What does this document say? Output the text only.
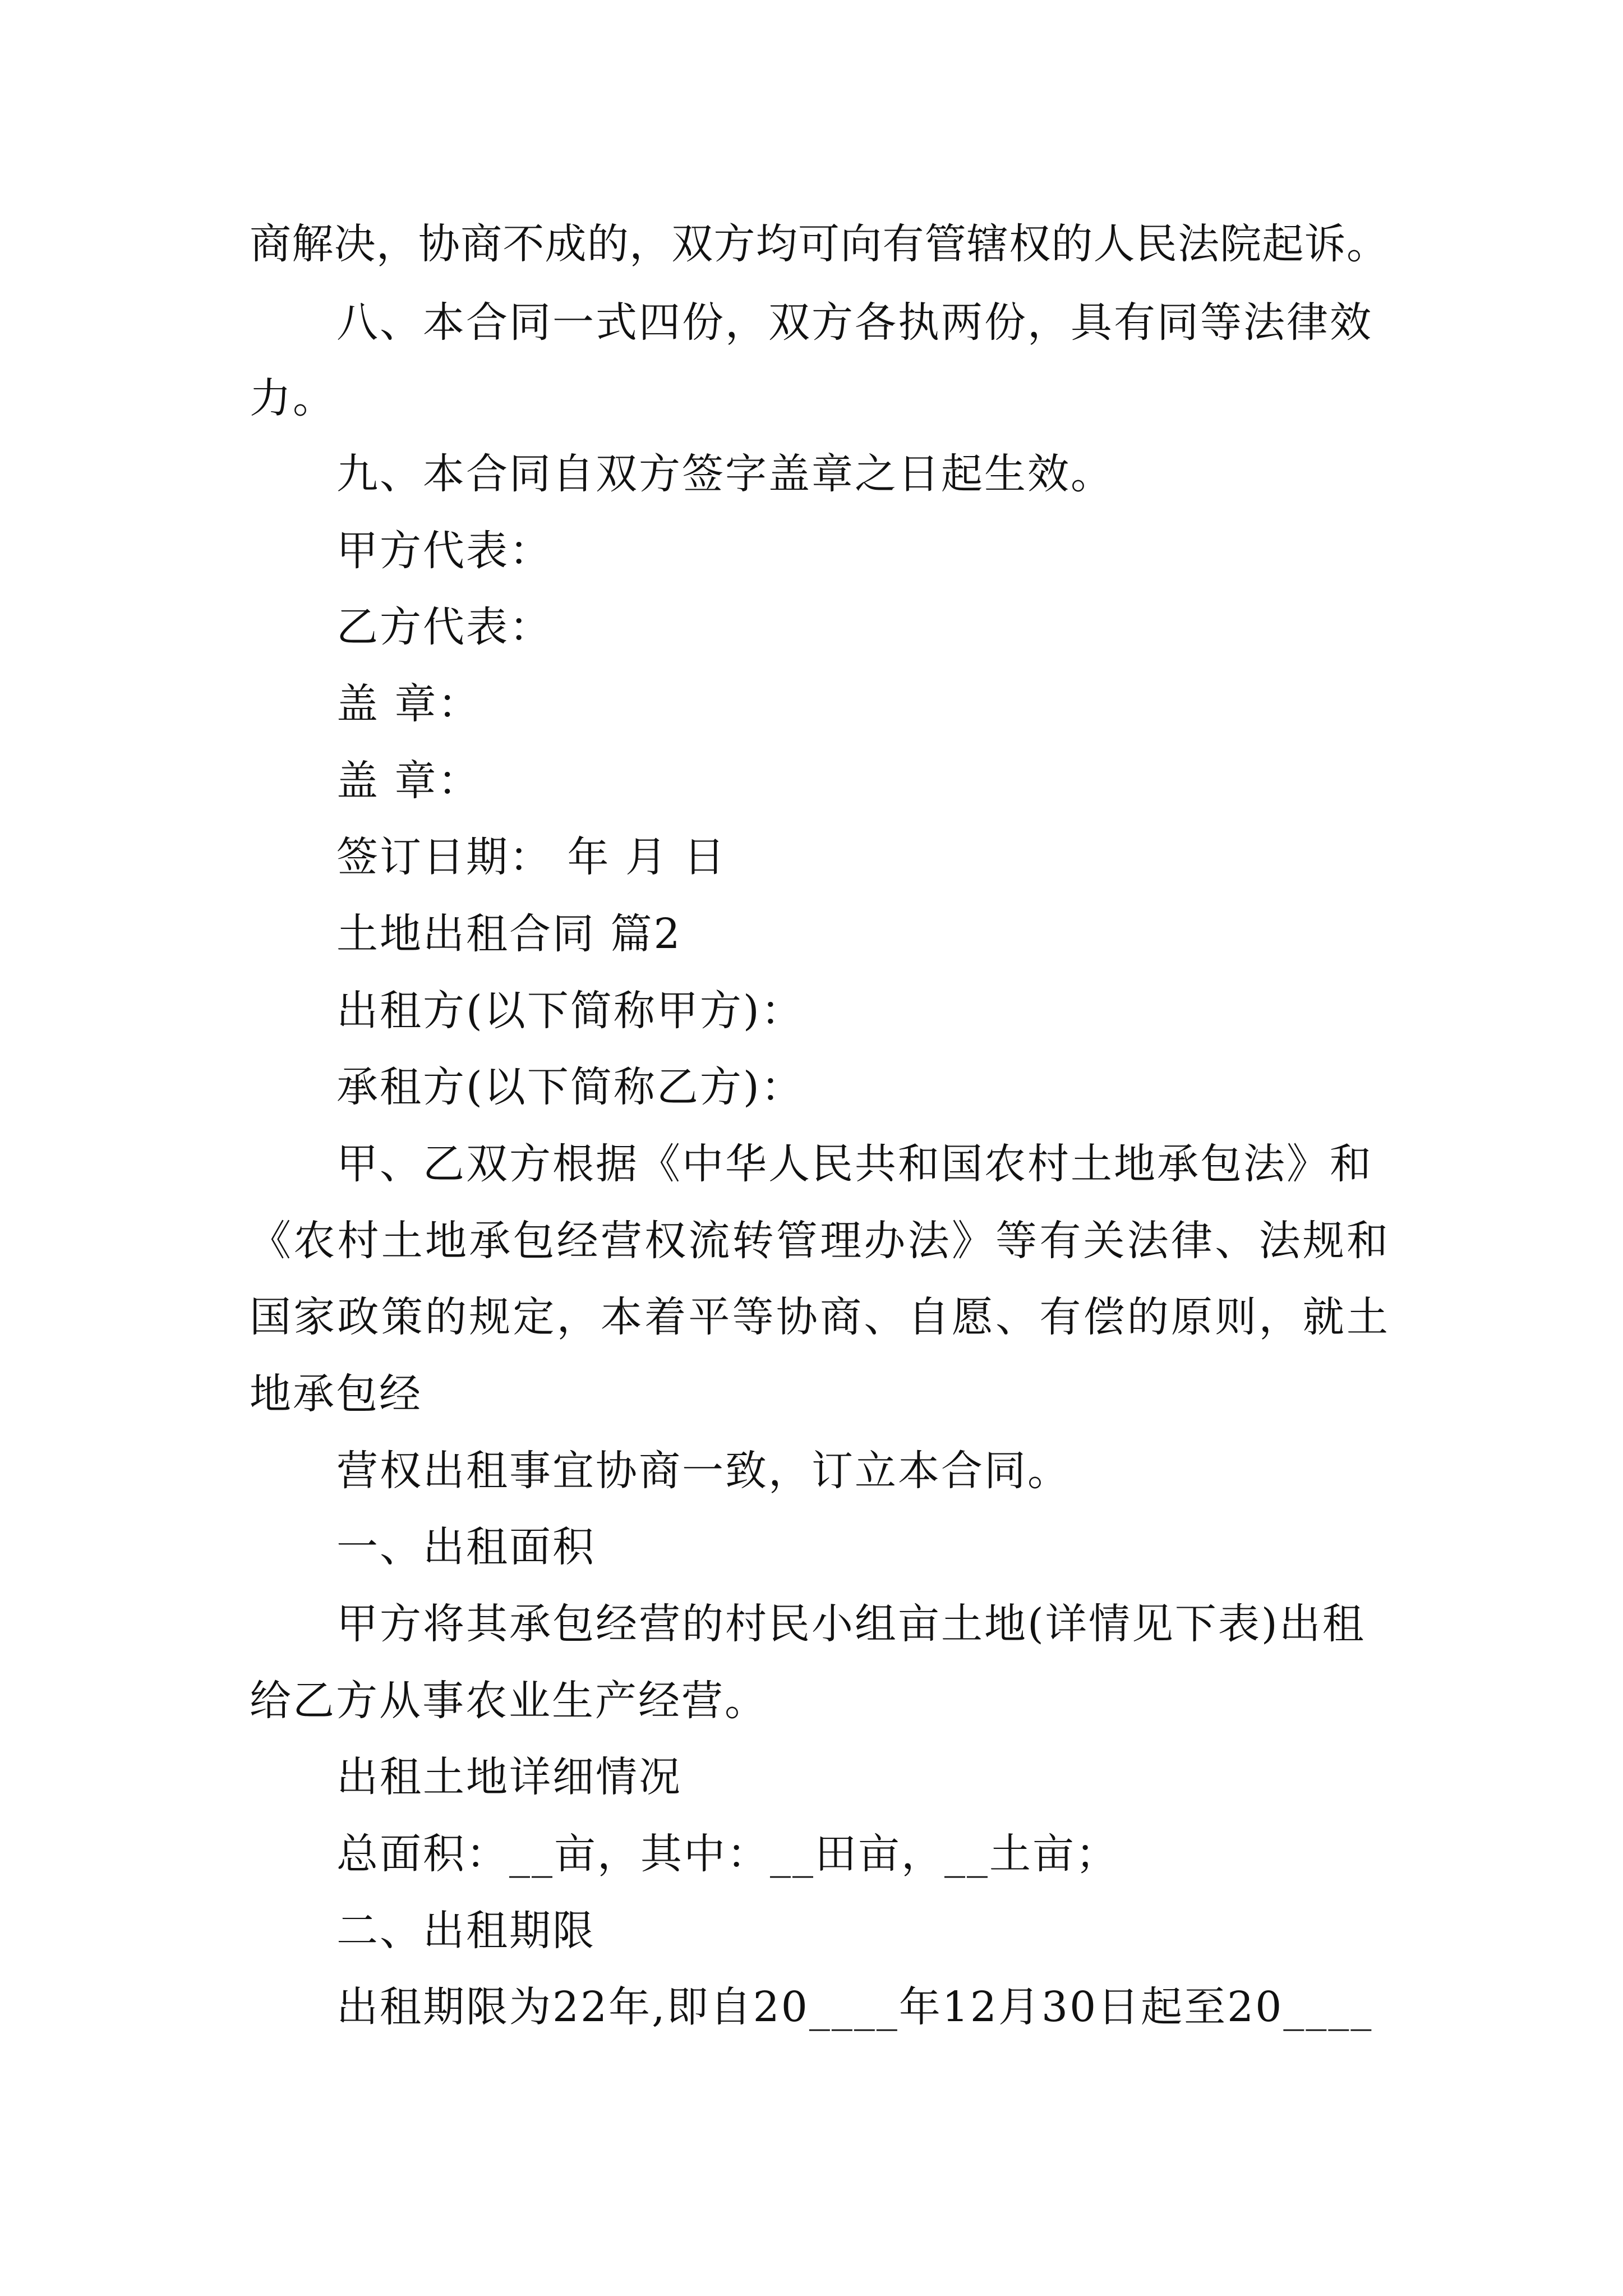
商解决，协商不成的，双方均可向有管辖权的人民法院起诉。
八、本合同一式四份，双方各执两份，具有同等法律效
力。
九、本合同自双方签字盖章之日起生效。
甲方代表：
乙方代表：
盖 章：
盖 章：
签订日期： 年 月 日
土地出租合同 篇2
出租方(以下简称甲方)：
承租方(以下简称乙方)：
甲、乙双方根据《中华人民共和国农村土地承包法》和
《农村土地承包经营权流转管理办法》等有关法律、法规和
国家政策的规定，本着平等协商、自愿、有偿的原则，就土
地承包经
营权出租事宜协商一致，订立本合同。
一、出租面积
甲方将其承包经营的村民小组亩土地(详情见下表)出租
给乙方从事农业生产经营。
出租土地详细情况
总面积：__亩，其中：__田亩，__土亩；
二、出租期限
出租期限为22年,即自20____年12月30日起至20____
